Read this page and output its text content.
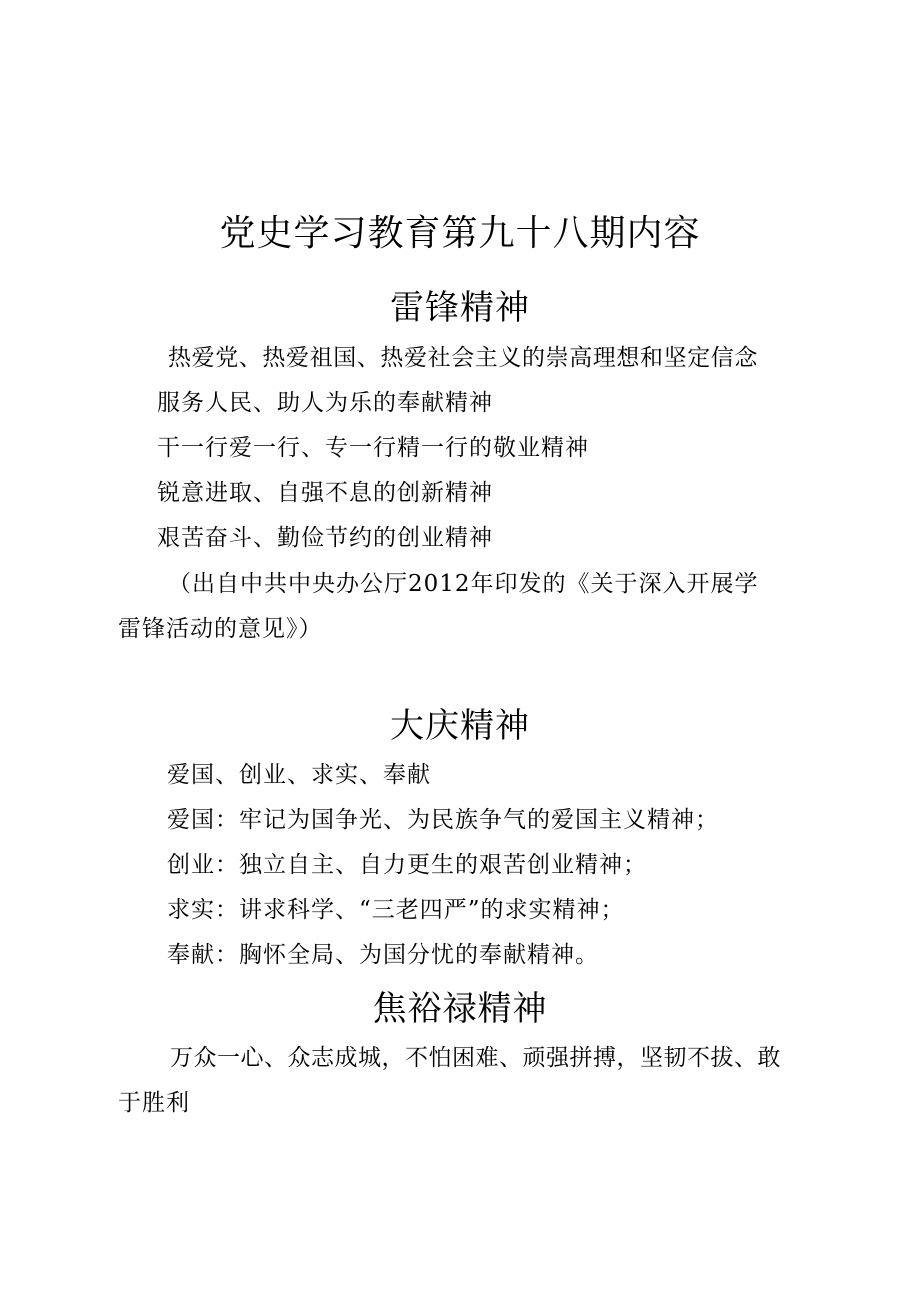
党史学习教育第九十八期内容
雷锋精神
热爱党、热爱祖国、热爱社会主义的崇高理想和坚定信念
服务人民、助人为乐的奉献精神
干一行爱一行、专一行精一行的敬业精神
锐意进取、自强不息的创新精神
艰苦奋斗、勤俭节约的创业精神
（出自中共中央办公厅2012年印发的《关于深入开展学
雷锋活动的意见》）
大庆精神
爱国、创业、求实、奉献
爱国：牢记为国争光、为民族争气的爱国主义精神；
创业：独立自主、自力更生的艰苦创业精神；
求实：讲求科学、“三老四严”的求实精神；
奉献：胸怀全局、为国分忧的奉献精神。
焦裕禄精神
万众一心、众志成城，不怕困难、顽强拼搏，坚韧不拔、敢
于胜利
